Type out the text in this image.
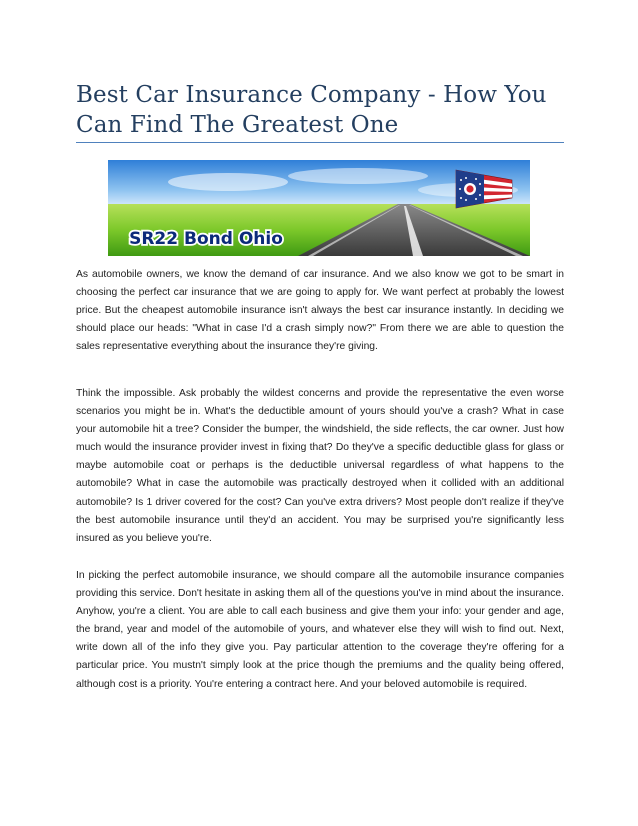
Best Car Insurance Company - How You Can Find The Greatest One
SR22 Bond Ohio

As automobile owners, we know the demand of car insurance. And we also know we got to be smart in choosing the perfect car insurance that we are going to apply for. We want perfect at probably the lowest price. But the cheapest automobile insurance isn't always the best car insurance instantly. In deciding we should place our heads: "What in case I'd a crash simply now?" From there we are able to question the sales representative everything about the insurance they're giving.

Think the impossible. Ask probably the wildest concerns and provide the representative the even worse scenarios you might be in. What's the deductible amount of yours should you've a crash? What in case your automobile hit a tree? Consider the bumper, the windshield, the side reflects, the car owner. Just how much would the insurance provider invest in fixing that? Do they've a specific deductible glass for glass or maybe automobile coat or perhaps is the deductible universal regardless of what happens to the automobile? What in case the automobile was practically destroyed when it collided with an additional automobile? Is 1 driver covered for the cost? Can you've extra drivers? Most people don't realize if they've the best automobile insurance until they'd an accident. You may be surprised you're significantly less insured as you believe you're.

In picking the perfect automobile insurance, we should compare all the automobile insurance companies providing this service. Don't hesitate in asking them all of the questions you've in mind about the insurance. Anyhow, you're a client. You are able to call each business and give them your info: your gender and age, the brand, year and model of the automobile of yours, and whatever else they will wish to find out. Next, write down all of the info they give you. Pay particular attention to the coverage they're offering for a particular price. You mustn't simply look at the price though the premiums and the quality being offered, although cost is a priority. You're entering a contract here. And your beloved automobile is required.
